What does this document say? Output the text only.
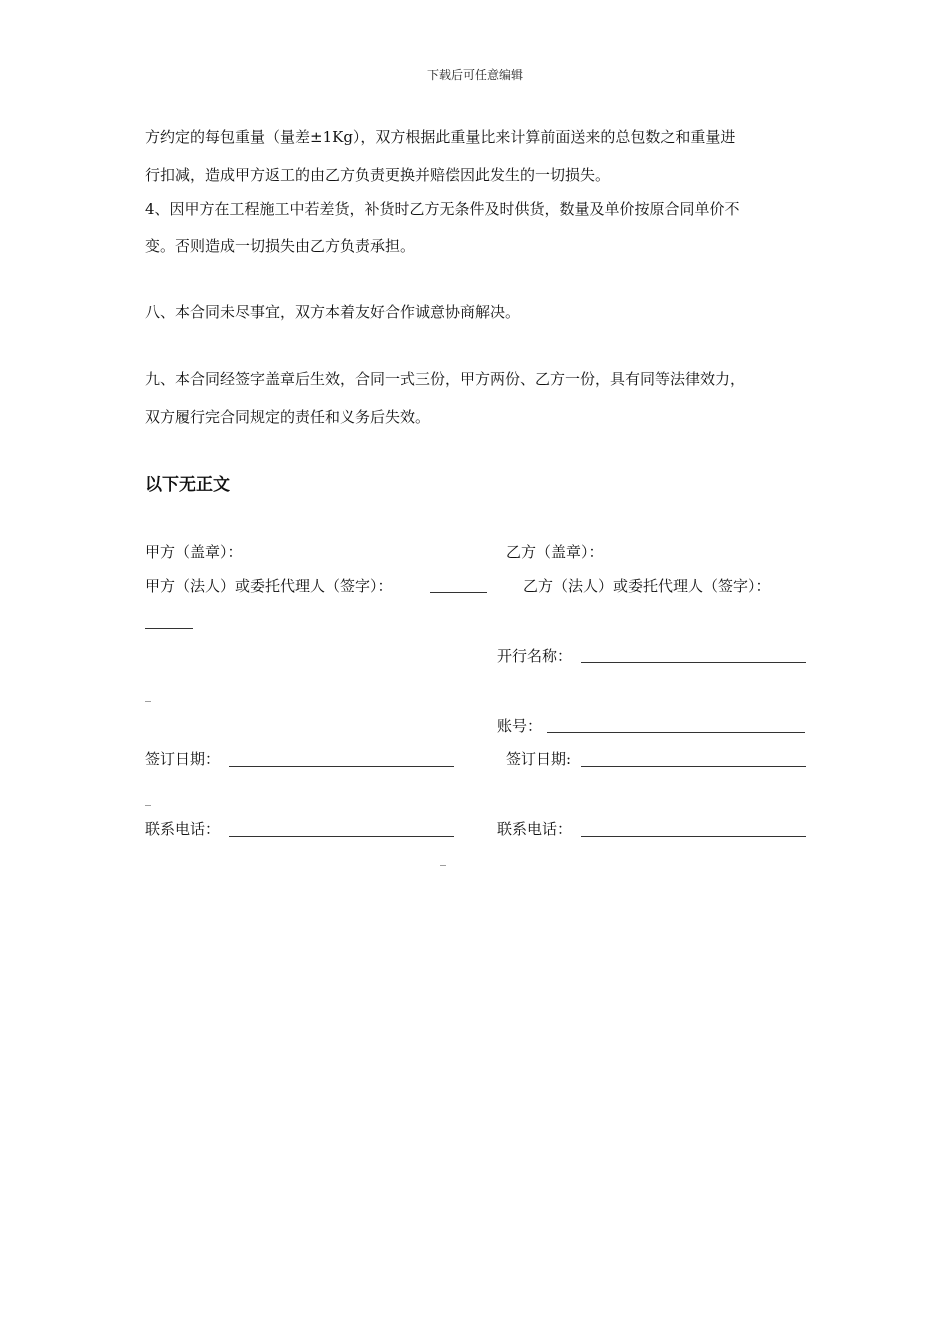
下载后可任意编辑
方约定的每包重量（量差±1Kg），双方根据此重量比来计算前面送来的总包数之和重量进
行扣减，造成甲方返工的由乙方负责更换并赔偿因此发生的一切损失。
4、因甲方在工程施工中若差货，补货时乙方无条件及时供货，数量及单价按原合同单价不
变。否则造成一切损失由乙方负责承担。
八、本合同未尽事宜，双方本着友好合作诚意协商解决。
九、本合同经签字盖章后生效，合同一式三份，甲方两份、乙方一份，具有同等法律效力，
双方履行完合同规定的责任和义务后失效。
以下无正文
甲方（盖章）：	乙方（盖章）：
甲方（法人）或委托代理人（签字）：	乙方（法人）或委托代理人（签字）：
开行名称：
_
账号：
签订日期：	签订日期:
_
联系电话：	联系电话：
_
